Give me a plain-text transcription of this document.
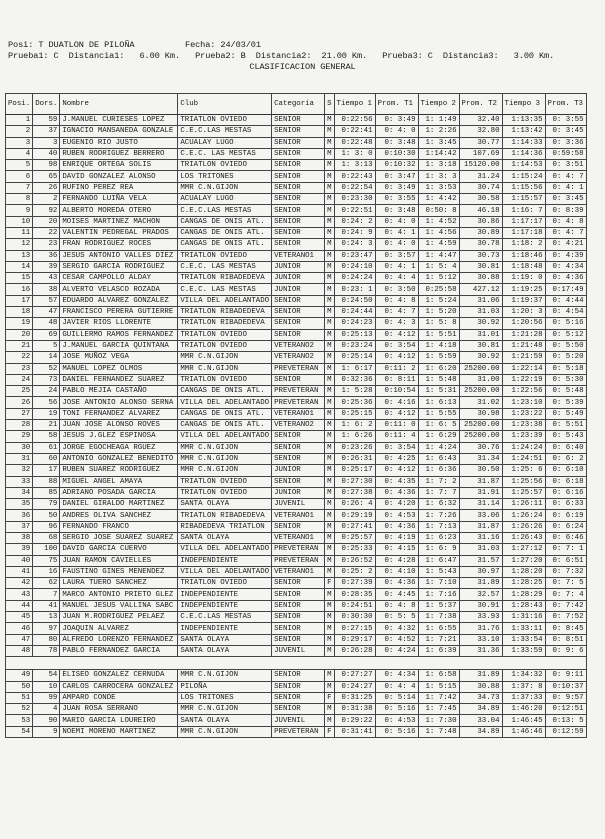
Posi: T DUATLON DE PILOÑA	Fecha: 24/03/01
Prueba1: C  Distancia1:   6.00 Km.   Prueba2: B  Distancia2:  21.00 Km.   Prueba3: C  Distancia3:   3.00 Km.
CLASIFICACION GENERAL
Posi.	Dors.	Nombre	Club	Categoría	S	Tiempo 1	Prom. T1	Tiempo 2	Prom. T2	Tiempo 3	Prom. T3
1	59	J.MANUEL CURIESES LOPEZ	TRIATLON OVIEDO	SENIOR	M	0:22:56	0: 3:49	1: 1:49	32.40	1:13:35	0: 3:55
2	37	IGNACIO MANSANEDA GONZALE	C.E.C.LAS MESTAS	SENIOR	M	0:22:41	0: 4: 0	1: 2:26	32.80	1:13:42	0: 3:45
3	3	EUGENIO RIO JUSTO	ACUALAY LUGO	SENIOR	M	0:22:48	0: 3:48	1: 3:45	30.77	1:14:33	0: 3:36
4	40	RUBEN RODRIGUEZ BERRERO	C.E.C. LAS MESTAS	SENIOR	M	1: 3: 0	0:10:30	1:14:42	107.69	1:14:36	0:59:58
5	98	ENRIQUE ORTEGA SOLIS	TRIATLON OVIEDO	SENIOR	M	1: 3:13	0:10:32	1: 3:18	15120.00	1:14:53	0: 3:51
6	65	DAVID GONZALEZ ALONSO	LOS TRITONES	SENIOR	M	0:22:43	0: 3:47	1: 3: 3	31.24	1:15:24	0: 4: 7
7	26	RUFINO PEREZ REA	MMR C.N.GIJON	SENIOR	M	0:22:54	0: 3:49	1: 3:53	30.74	1:15:56	0: 4: 1
8	2	FERNANDO LUIÑA VELA	ACUALAY LUGO	SENIOR	M	0:23:30	0: 3:55	1: 4:42	30.58	1:15:57	0: 3:45
9	92	ALBERTO MOREDA OTERO	C.E.C.LAS MESTAS	SENIOR	M	0:22:51	0: 3:48	0:50: 8	46.18	1:16: 7	0: 8:39
10	20	MOISES MARTINEZ MACHON	CANGAS DE ONIS ATL.	SENIOR	M	0:24: 2	0: 4: 0	1: 4:52	30.86	1:17:17	0: 4: 8
11	22	VALENTIN PEDREGAL PRADOS	CANGAS DE ONIS ATL.	SENIOR	M	0:24: 9	0: 4: 1	1: 4:56	30.89	1:17:18	0: 4: 7
12	23	FRAN RODRIGUEZ ROCES	CANGAS DE ONIS ATL.	SENIOR	M	0:24: 3	0: 4: 0	1: 4:59	30.78	1:18: 2	0: 4:21
13	36	JESUS ANTONIO VALLES DIEZ	TRIATLON OVIEDO	VETERANO1	M	0:23:47	0: 3:57	1: 4:47	30.73	1:18:46	0: 4:39
14	39	SERGIO GARCIA RODRIGUEZ	C.E.C. LAS MESTAS	JUNIOR	M	0:24:10	0: 4: 1	1: 5: 4	30.81	1:18:48	0: 4:34
15	43	CESAR CAMPOLLO ALDAY	TRIATLON RIBADEDEVA	JUNIOR	M	0:24:24	0: 4: 4	1: 5:12	30.88	1:19: 0	0: 4:36
16	38	ALVERTO VELASCO ROZADA	C.E.C. LAS MESTAS	JUNIOR	M	0:23: 1	0: 3:50	0:25:58	427.12	1:19:25	0:17:49
17	57	EDUARDO ALVAREZ GONZALEZ	VILLA DEL ADELANTADO	SENIOR	M	0:24:50	0: 4: 8	1: 5:24	31.06	1:19:37	0: 4:44
18	47	FRANCISCO PERERA GUTIERRE	TRIATLON RIBADEDEVA	SENIOR	M	0:24:44	0: 4: 7	1: 5:20	31.03	1:20: 3	0: 4:54
19	48	JAVIER RIOS LLORENTE	TRIATLON RIBADEDEVA	SENIOR	M	0:24:23	0: 4: 3	1: 5: 8	30.92	1:20:56	0: 5:16
20	69	GUILLERMO RAMOS FERNANDEZ	TRIATLON OVIEDO	SENIOR	M	0:25:13	0: 4:12	1: 5:51	31.01	1:21:28	0: 5:12
21	5	J.MANUEL GARCIA QUINTANA	TRIATLON OVIEDO	VETERANO2	M	0:23:24	0: 3:54	1: 4:18	30.81	1:21:48	0: 5:50
22	14	JOSE MUÑOZ VEGA	MMR C.N.GIJON	VETERANO2	M	0:25:14	0: 4:12	1: 5:59	30.92	1:21:59	0: 5:20
23	52	MANUEL LOPEZ OLMOS	MMR C.N.GIJON	PREVETERAN	M	1: 6:17	0:11: 2	1: 6:20	25200.00	1:22:14	0: 5:18
24	73	DANIEL FERNANDEZ SUAREZ	TRIATLON OVIEDO	SENIOR	M	0:32:36	0: 8:11	1: 5:48	31.00	1:22:19	0: 5:30
25	24	PABLO MEJIA CASTAÑO	CANGAS DE ONIS ATL.	PREVETERAN	M	1: 5:28	0:10:54	1: 5:31	25200.00	1:22:56	0: 5:48
26	56	JOSE ANTONIO ALONSO SERNA	VILLA DEL ADELANTADO	PREVETERAN	M	0:25:36	0: 4:16	1: 6:13	31.02	1:23:10	0: 5:39
27	19	TONI FERNANDEZ ALVAREZ	CANGAS DE ONIS ATL.	VETERANO1	M	0:25:15	0: 4:12	1: 5:55	30.98	1:23:22	0: 5:49
28	21	JUAN JOSE ALONSO ROVES	CANGAS DE ONIS ATL.	VETERANO2	M	1: 6: 2	0:11: 0	1: 6: 5	25200.00	1:23:38	0: 5:51
29	58	JESUS J.GLEZ ESPINOSA	VILLA DEL ADELANTADO	SENIOR	M	1: 6:26	0:11: 4	1: 6:29	25200.00	1:23:39	0: 5:43
30	61	JORGE EGOCHEAGA RGUEZ	MMR C.N.GIJON	SENIOR	M	0:23:26	0: 3:54	1: 4:24	30.76	1:24:24	0: 6:40
31	60	ANTONIO GONZALEZ BENEDITO	MMR C.N.GIJON	SENIOR	M	0:26:31	0: 4:25	1: 6:43	31.34	1:24:51	0: 6: 2
32	17	RUBEN SUAREZ RODRIGUEZ	MMR C.N.GIJON	JUNIOR	M	0:25:17	0: 4:12	1: 6:36	30.50	1:25: 6	0: 6:10
33	88	MIGUEL ANGEL AMAYA	TRIATLON OVIEDO	SENIOR	M	0:27:30	0: 4:35	1: 7: 2	31.87	1:25:56	0: 6:18
34	85	ADRIANO POSADA GARCIA	TRIATLON OVIEDO	JUNIOR	M	0:27:38	0: 4:36	1: 7: 7	31.91	1:25:57	0: 6:16
35	79	DANIEL GIRALDO MARTINEZ	SANTA OLAYA	JUVENIL	M	0:26: 4	0: 4:20	1: 6:32	31.14	1:26:11	0: 6:33
36	50	ANDRES OLIVA SANCHEZ	TRIATLON RIBADEDEVA	VETERANO1	M	0:29:19	0: 4:53	1: 7:26	33.06	1:26:24	0: 6:19
37	96	FERNANDO FRANCO	RIBADEDEVA TRIATLON	SENIOR	M	0:27:41	0: 4:36	1: 7:13	31.87	1:26:26	0: 6:24
38	68	SERGIO JOSE SUAREZ SUAREZ	SANTA OLAYA	VETERANO1	M	0:25:57	0: 4:19	1: 6:23	31.16	1:26:43	0: 6:46
39	100	DAVID GARCIA CUERVO	VILLA DEL ADELANTADO	PREVETERAN	M	0:25:33	0: 4:15	1: 6: 9	31.03	1:27:12	0: 7: 1
40	75	JUAN RAMON CAVIELLES	INDEPENDIENTE	PREVETERAN	M	0:26:52	0: 4:28	1: 6:47	31.57	1:27:20	0: 6:51
41	16	FAUSTINO GINES MENENDEZ	VILLA DEL ADELANTADO	VETERANO1	M	0:25: 2	0: 4:10	1: 5:43	30.97	1:28:20	0: 7:32
42	62	LAURA TUERO SANCHEZ	TRIATLON OVIEDO	SENIOR	F	0:27:39	0: 4:36	1: 7:10	31.89	1:28:25	0: 7: 5
43	7	MARCO ANTONIO PRIETO GLEZ	INDEPENDIENTE	SENIOR	M	0:28:35	0: 4:45	1: 7:16	32.57	1:28:29	0: 7: 4
44	41	MANUEL JESUS VALLINA SABC	INDEPENDIENTE	SENIOR	M	0:24:51	0: 4: 8	1: 5:37	30.91	1:28:43	0: 7:42
45	13	JUAN M.RODRIGUEZ PELAEZ	C.E.C.LAS MESTAS	SENIOR	M	0:30:30	0: 5: 5	1: 7:38	33.93	1:31:16	0: 7:52
46	97	JOAQUIN ALVAREZ	INDEPENDIENTE	SENIOR	M	0:27:15	0: 4:32	1: 6:55	31.76	1:33:11	0: 8:45
47	80	ALFREDO LORENZO FERNANDEZ	SANTA OLAYA	SENIOR	M	0:29:17	0: 4:52	1: 7:21	33.10	1:33:54	0: 8:51
48	78	PABLO FERNANDEZ GARCIA	SANTA OLAYA	JUVENIL	M	0:26:28	0: 4:24	1: 6:39	31.36	1:33:59	0: 9: 6

49	54	ELISEO GONZALEZ CERNUDA	MMR C.N.GIJON	SENIOR	M	0:27:27	0: 4:34	1: 6:58	31.89	1:34:32	0: 9:11
50	10	CARLOS CARROCERA GONZALEZ	PILOÑA	SENIOR	M	0:24:27	0: 4: 4	1: 5:15	30.88	1:37: 8	0:10:37
51	99	AMPARO CONDE	LOS TRITONES	SENIOR	F	0:31:25	0: 5:14	1: 7:42	34.73	1:37:33	0: 9:57
52	4	JUAN ROSA SERRANO	MMR C.N.GIJON	SENIOR	M	0:31:38	0: 5:16	1: 7:45	34.89	1:46:20	0:12:51
53	90	MARIO GARCIA LOUREIRO	SANTA OLAYA	JUVENIL	M	0:29:22	0: 4:53	1: 7:30	33.04	1:46:45	0:13: 5
54	9	NOEMI MORENO MARTINEZ	MMR C.N.GIJON	PREVETERAN	F	0:31:41	0: 5:16	1: 7:48	34.89	1:46:46	0:12:59
